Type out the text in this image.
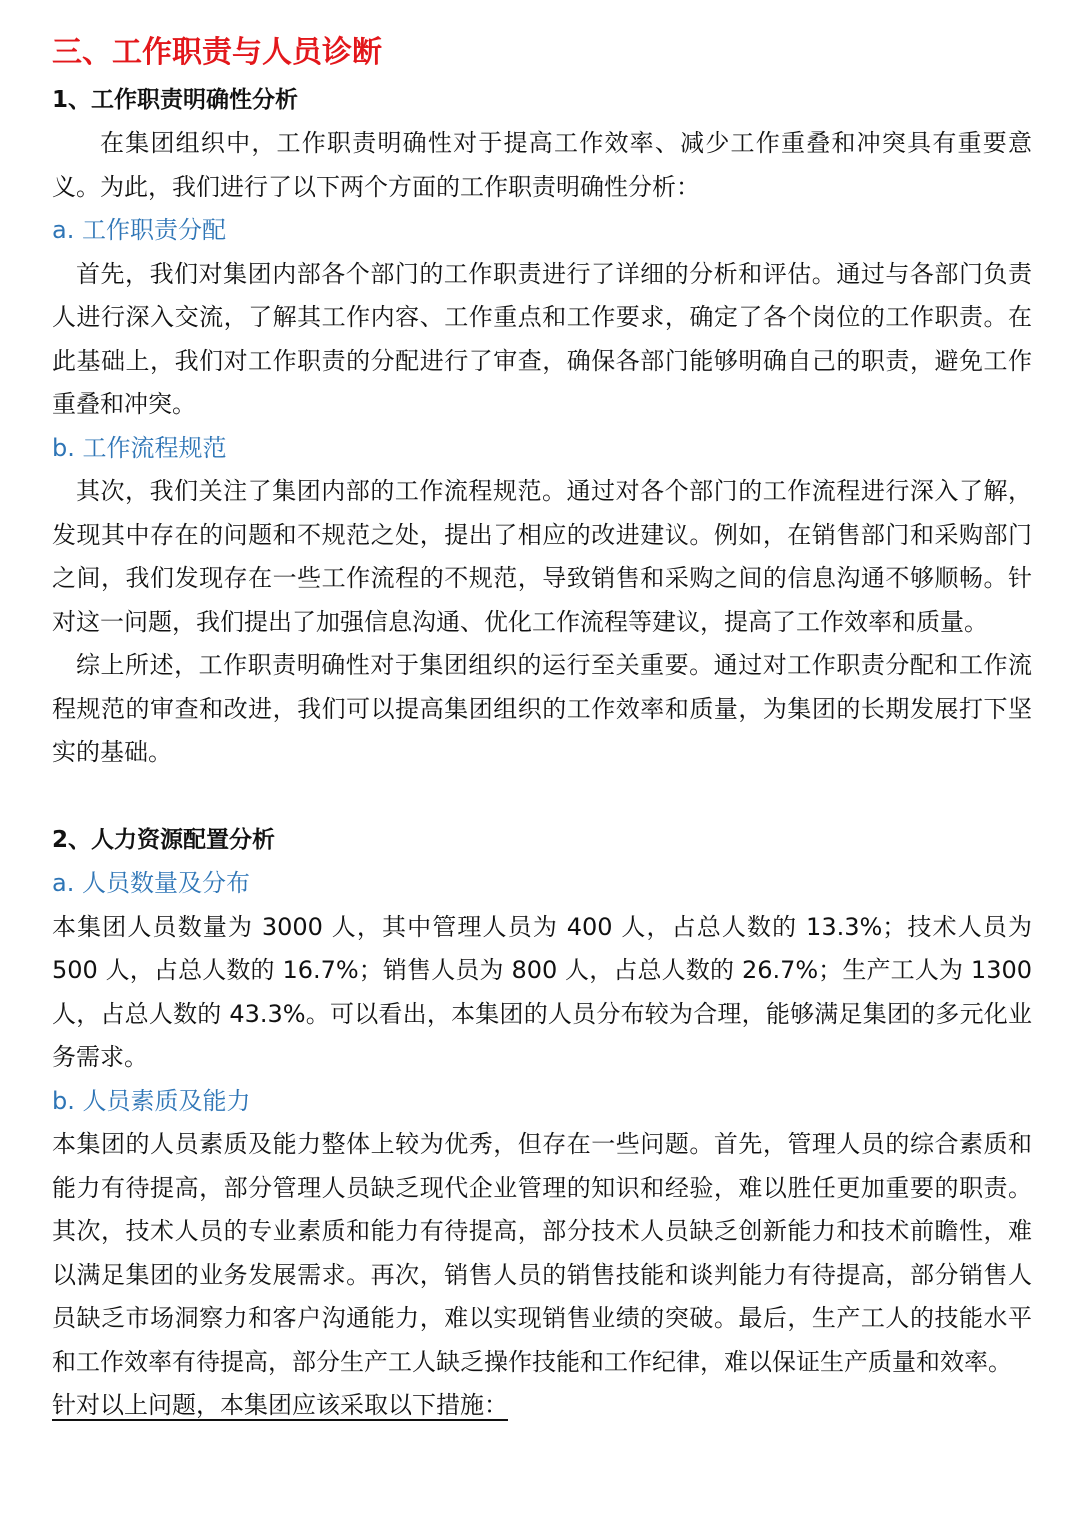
三、工作职责与人员诊断
1、工作职责明确性分析

在集团组织中，工作职责明确性对于提高工作效率、减少工作重叠和冲突具有重要意义。为此，我们进行了以下两个方面的工作职责明确性分析：

a. 工作职责分配

首先，我们对集团内部各个部门的工作职责进行了详细的分析和评估。通过与各部门负责人进行深入交流，了解其工作内容、工作重点和工作要求，确定了各个岗位的工作职责。在此基础上，我们对工作职责的分配进行了审查，确保各部门能够明确自己的职责，避免工作重叠和冲突。

b. 工作流程规范

其次，我们关注了集团内部的工作流程规范。通过对各个部门的工作流程进行深入了解，发现其中存在的问题和不规范之处，提出了相应的改进建议。例如，在销售部门和采购部门之间，我们发现存在一些工作流程的不规范，导致销售和采购之间的信息沟通不够顺畅。针对这一问题，我们提出了加强信息沟通、优化工作流程等建议，提高了工作效率和质量。

综上所述，工作职责明确性对于集团组织的运行至关重要。通过对工作职责分配和工作流程规范的审查和改进，我们可以提高集团组织的工作效率和质量，为集团的长期发展打下坚实的基础。

2、人力资源配置分析

a. 人员数量及分布

本集团人员数量为 3000 人，其中管理人员为 400 人，占总人数的 13.3%；技术人员为 500 人，占总人数的 16.7%；销售人员为 800 人，占总人数的 26.7%；生产工人为 1300 人，占总人数的 43.3%。可以看出，本集团的人员分布较为合理，能够满足集团的多元化业务需求。

b. 人员素质及能力

本集团的人员素质及能力整体上较为优秀，但存在一些问题。首先，管理人员的综合素质和能力有待提高，部分管理人员缺乏现代企业管理的知识和经验，难以胜任更加重要的职责。其次，技术人员的专业素质和能力有待提高，部分技术人员缺乏创新能力和技术前瞻性，难以满足集团的业务发展需求。再次，销售人员的销售技能和谈判能力有待提高，部分销售人员缺乏市场洞察力和客户沟通能力，难以实现销售业绩的突破。最后，生产工人的技能水平和工作效率有待提高，部分生产工人缺乏操作技能和工作纪律，难以保证生产质量和效率。

针对以上问题，本集团应该采取以下措施：
